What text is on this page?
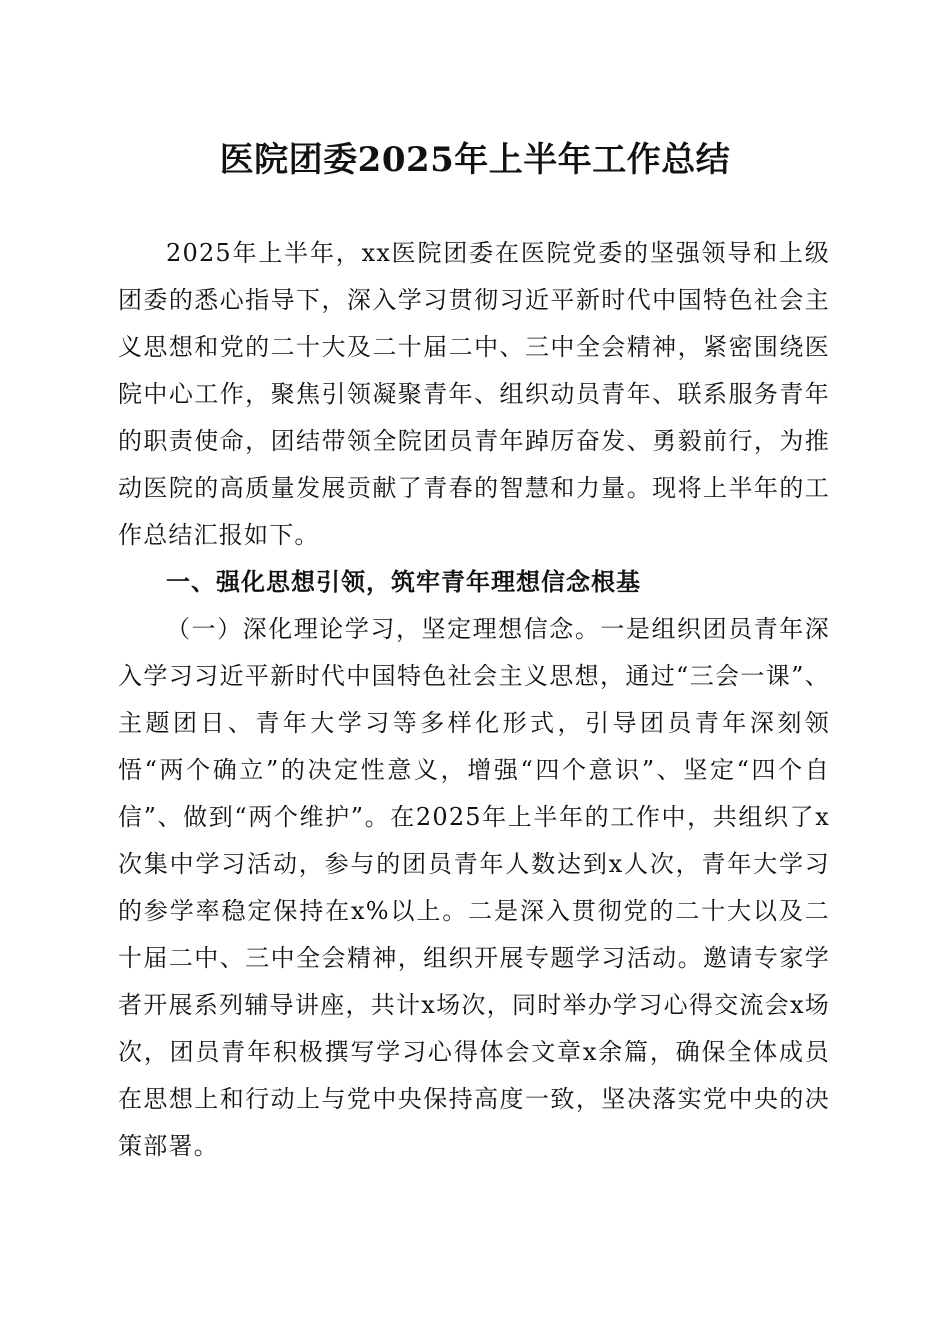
医院团委2025年上半年工作总结

2025年上半年，xx医院团委在医院党委的坚强领导和上级团委的悉心指导下，深入学习贯彻习近平新时代中国特色社会主义思想和党的二十大及二十届二中、三中全会精神，紧密围绕医院中心工作，聚焦引领凝聚青年、组织动员青年、联系服务青年的职责使命，团结带领全院团员青年踔厉奋发、勇毅前行，为推动医院的高质量发展贡献了青春的智慧和力量。现将上半年的工作总结汇报如下。

一、强化思想引领，筑牢青年理想信念根基

（一）深化理论学习，坚定理想信念。一是组织团员青年深入学习习近平新时代中国特色社会主义思想，通过“三会一课”、主题团日、青年大学习等多样化形式，引导团员青年深刻领悟“两个确立”的决定性意义，增强“四个意识”、坚定“四个自信”、做到“两个维护”。在2025年上半年的工作中，共组织了x次集中学习活动，参与的团员青年人数达到x人次，青年大学习的参学率稳定保持在x%以上。二是深入贯彻党的二十大以及二十届二中、三中全会精神，组织开展专题学习活动。邀请专家学者开展系列辅导讲座，共计x场次，同时举办学习心得交流会x场次，团员青年积极撰写学习心得体会文章x余篇，确保全体成员在思想上和行动上与党中央保持高度一致，坚决落实党中央的决策部署。
